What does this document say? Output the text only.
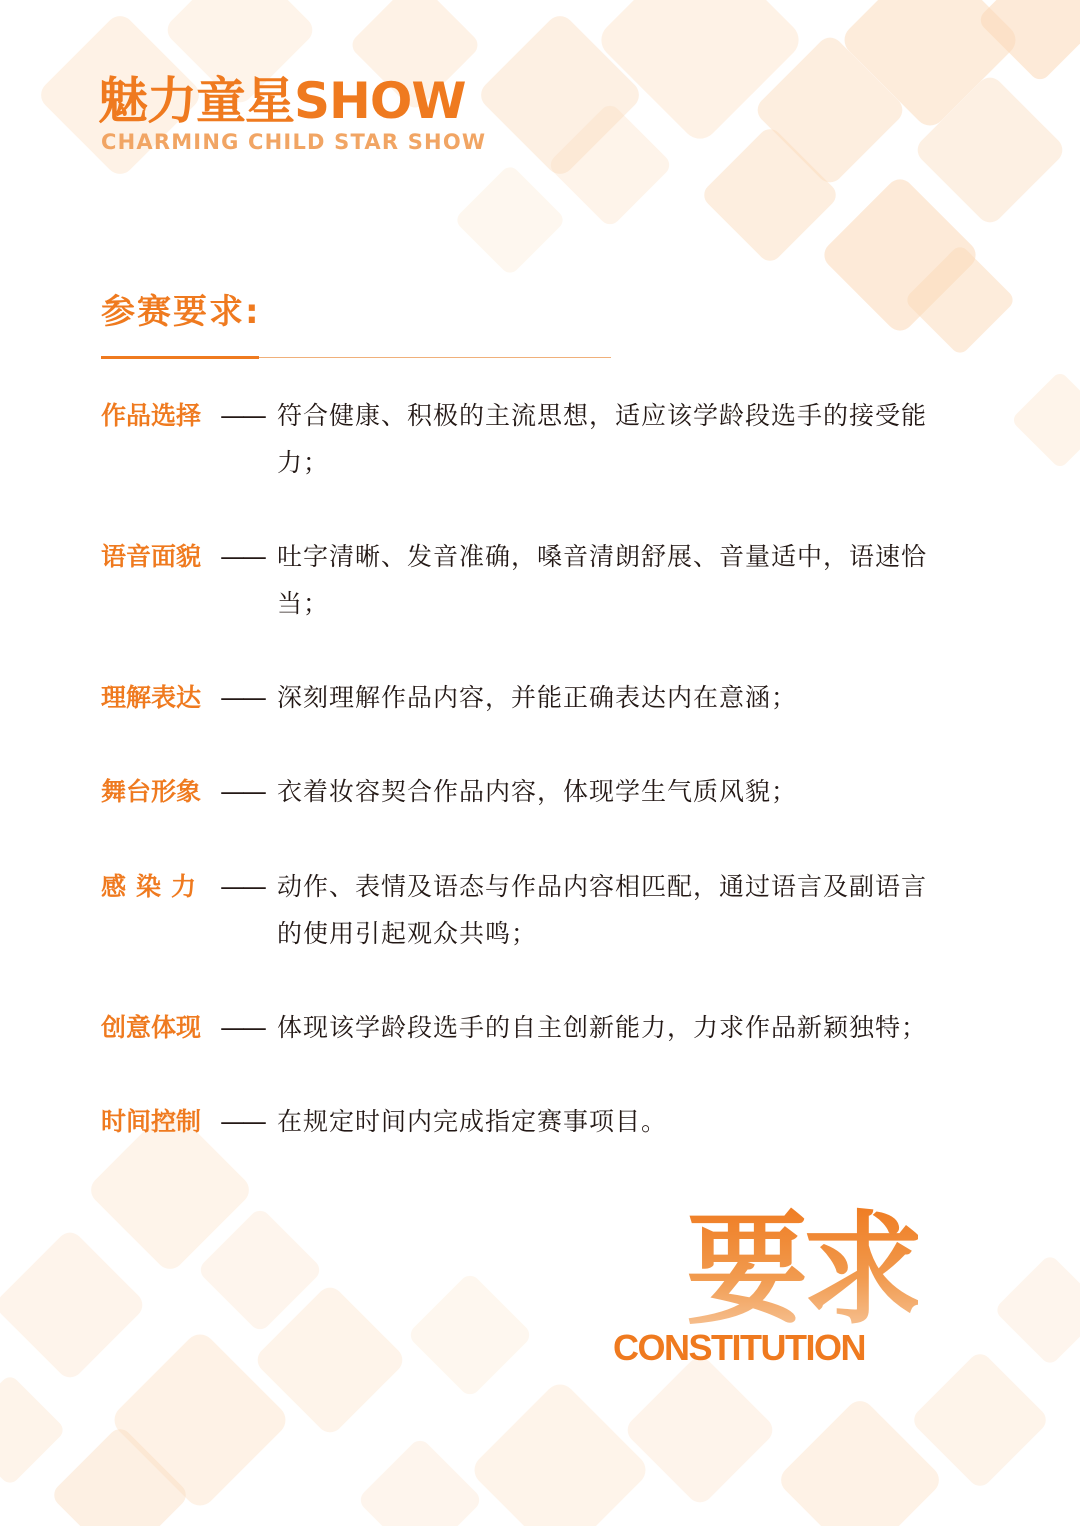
魅力童星SHOW
CHARMING CHILD STAR SHOW
参赛要求:
作品选择 —— 符合健康、积极的主流思想，适应该学龄段选手的接受能力；
语音面貌 —— 吐字清晰、发音准确，嗓音清朗舒展、音量适中，语速恰当；
理解表达 —— 深刻理解作品内容，并能正确表达内在意涵；
舞台形象 —— 衣着妆容契合作品内容，体现学生气质风貌；
感染力 —— 动作、表情及语态与作品内容相匹配，通过语言及副语言的使用引起观众共鸣；
创意体现 —— 体现该学龄段选手的自主创新能力，力求作品新颖独特；
时间控制 —— 在规定时间内完成指定赛事项目。
要求
CONSTITUTION
